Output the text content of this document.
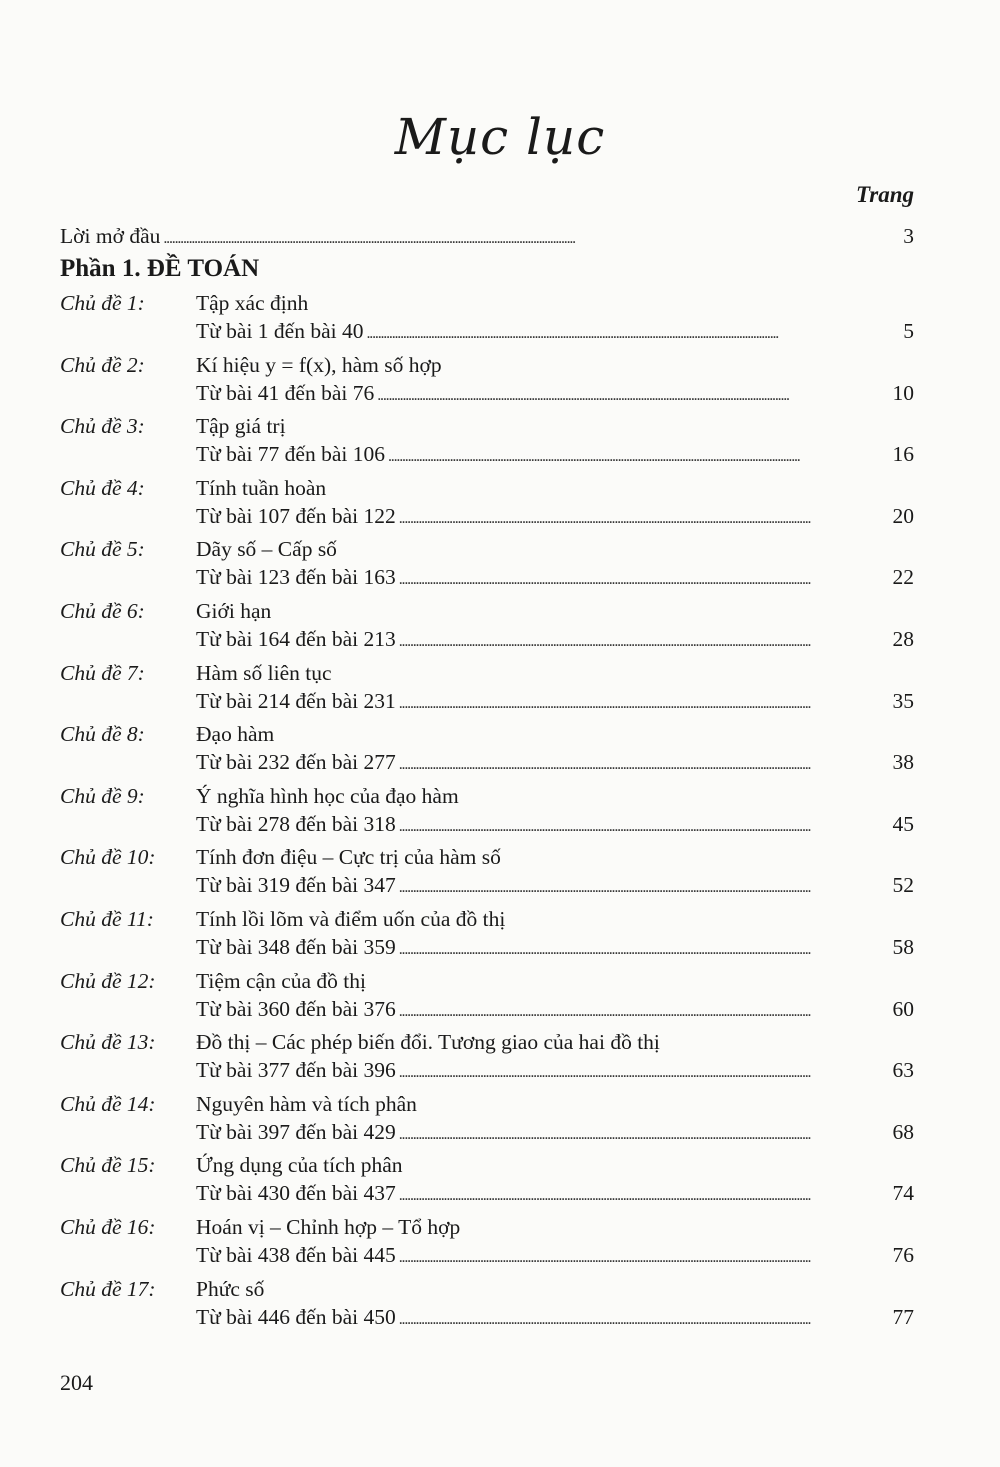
Mục lục
Trang
Lời mở đầu . . .	3
Phần 1. ĐỀ TOÁN
Chủ đề 1: Tập xác định
Từ bài 1 đến bài 40 . . .	5
Chủ đề 2: Kí hiệu y = f(x), hàm số hợp
Từ bài 41 đến bài 76 . . .	10
Chủ đề 3: Tập giá trị
Từ bài 77 đến bài 106 . . .	16
Chủ đề 4: Tính tuần hoàn
Từ bài 107 đến bài 122 . . .	20
Chủ đề 5: Dãy số – Cấp số
Từ bài 123 đến bài 163 . . .	22
Chủ đề 6: Giới hạn
Từ bài 164 đến bài 213 . . .	28
Chủ đề 7: Hàm số liên tục
Từ bài 214 đến bài 231 . . .	35
Chủ đề 8: Đạo hàm
Từ bài 232 đến bài 277 . . .	38
Chủ đề 9: Ý nghĩa hình học của đạo hàm
Từ bài 278 đến bài 318 . . .	45
Chủ đề 10: Tính đơn điệu – Cực trị của hàm số
Từ bài 319 đến bài 347 . . .	52
Chủ đề 11: Tính lồi lõm và điểm uốn của đồ thị
Từ bài 348 đến bài 359 . . .	58
Chủ đề 12: Tiệm cận của đồ thị
Từ bài 360 đến bài 376 . . .	60
Chủ đề 13: Đồ thị – Các phép biến đổi. Tương giao của hai đồ thị
Từ bài 377 đến bài 396 . . .	63
Chủ đề 14: Nguyên hàm và tích phân
Từ bài 397 đến bài 429 . . .	68
Chủ đề 15: Ứng dụng của tích phân
Từ bài 430 đến bài 437 . . .	74
Chủ đề 16: Hoán vị – Chỉnh hợp – Tổ hợp
Từ bài 438 đến bài 445 . . .	76
Chủ đề 17: Phức số
Từ bài 446 đến bài 450 . . .	77
204
